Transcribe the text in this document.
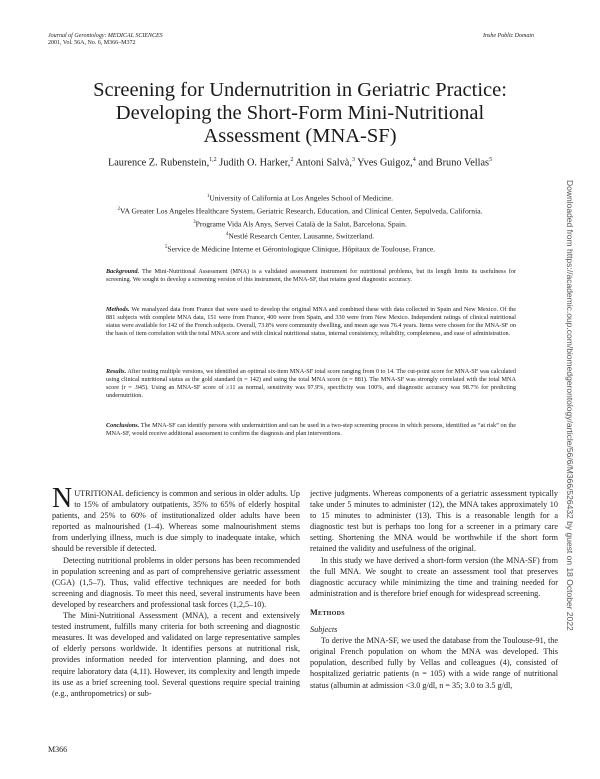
Journal of Gerontology: MEDICAL SCIENCES
2001, Vol. 56A, No. 6, M366–M372
Inshe Public Domain
Screening for Undernutrition in Geriatric Practice:
Developing the Short-Form Mini-Nutritional
Assessment (MNA-SF)
Laurence Z. Rubenstein,$^{1,2}$ Judith O. Harker,$^2$ Antoni Salvà,$^3$ Yves Guigoz,$^4$ and Bruno Vellas$^5$
$^1$University of California at Los Angeles School of Medicine.
$^2$VA Greater Los Angeles Healthcare System, Geriatric Research, Education, and Clinical Center, Sepulveda, California.
$^3$Programe Vida Als Anys, Servei Català de la Salut, Barcelona, Spain.
$^4$Nestlé Research Center, Lausanne, Switzerland.
$^5$Service de Médicine Interne et Gérontologique Clinique, Hôpitaux de Toulouse, France.
Background. The Mini-Nutritional Assessment (MNA) is a validated assessment instrument for nutritional problems, but its length limits its usefulness for screening. We sought to develop a screening version of this instrument, the MNA-SF, that retains good diagnostic accuracy.
Methods. We reanalyzed data from France that were used to develop the original MNA and combined these with data collected in Spain and New Mexico. Of the 881 subjects with complete MNA data, 151 were from France, 400 were from Spain, and 330 were from New Mexico. Independent ratings of clinical nutritional status were available for 142 of the French subjects. Overall, 73.8% were community dwelling, and mean age was 76.4 years. Items were chosen for the MNA-SF on the basis of item correlation with the total MNA score and with clinical nutritional status, internal consistency, reliability, completeness, and ease of administration.
Results. After testing multiple versions, we identified an optimal six-item MNA-SF total score ranging from 0 to 14. The cut-point score for MNA-SF was calculated using clinical nutritional status as the gold standard (n = 142) and using the total MNA score (n = 881). The MNA-SF was strongly correlated with the total MNA score (r = .945). Using an MNA-SF score of ≥11 as normal, sensitivity was 97.9%, specificity was 100%, and diagnostic accuracy was 98.7% for predicting undernutrition.
Conclusions. The MNA-SF can identify persons with undernutrition and can be used in a two-step screening process in which persons, identified as “at risk” on the MNA-SF, would receive additional assessment to confirm the diagnosis and plan interventions.

NUTRITIONAL deficiency is common and serious in older adults. Up to 15% of ambulatory outpatients, 35% to 65% of elderly hospital patients, and 25% to 60% of institutionalized older adults have been reported as malnourished (1–4). Whereas some malnourishment stems from underlying illness, much is due simply to inadequate intake, which should be reversible if detected.

Detecting nutritional problems in older persons has been recommended in population screening and as part of comprehensive geriatric assessment (CGA) (1,5–7). Thus, valid effective techniques are needed for both screening and diagnosis. To meet this need, several instruments have been developed by researchers and professional task forces (1,2,5–10).

The Mini-Nutritional Assessment (MNA), a recent and extensively tested instrument, fulfills many criteria for both screening and diagnostic measures. It was developed and validated on large representative samples of elderly persons worldwide. It identifies persons at nutritional risk, provides information needed for intervention planning, and does not require laboratory data (4,11). However, its complexity and length impede its use as a brief screening tool. Several questions require special training (e.g., anthropometrics) or sub-

jective judgments. Whereas components of a geriatric assessment typically take under 5 minutes to administer (12), the MNA takes approximately 10 to 15 minutes to administer (13). This is a reasonable length for a diagnostic test but is perhaps too long for a screener in a primary care setting. Shortening the MNA would be worthwhile if the short form retained the validity and usefulness of the original.

In this study we have derived a short-form version (the MNA-SF) from the full MNA. We sought to create an assessment tool that preserves diagnostic accuracy while minimizing the time and training needed for administration and is therefore brief enough for widespread screening.

Methods
Subjects

To derive the MNA-SF, we used the database from the Toulouse-91, the original French population on whom the MNA was developed. This population, described fully by Vellas and colleagues (4), consisted of hospitalized geriatric patients (n = 105) with a wide range of nutritional status (albumin at admission <3.0 g/dl, n = 35; 3.0 to 3.5 g/dl,

M366
Downloaded from https://academic.oup.com/biomedgerontology/article/56/6/M366/526432 by guest on 18 October 2022
